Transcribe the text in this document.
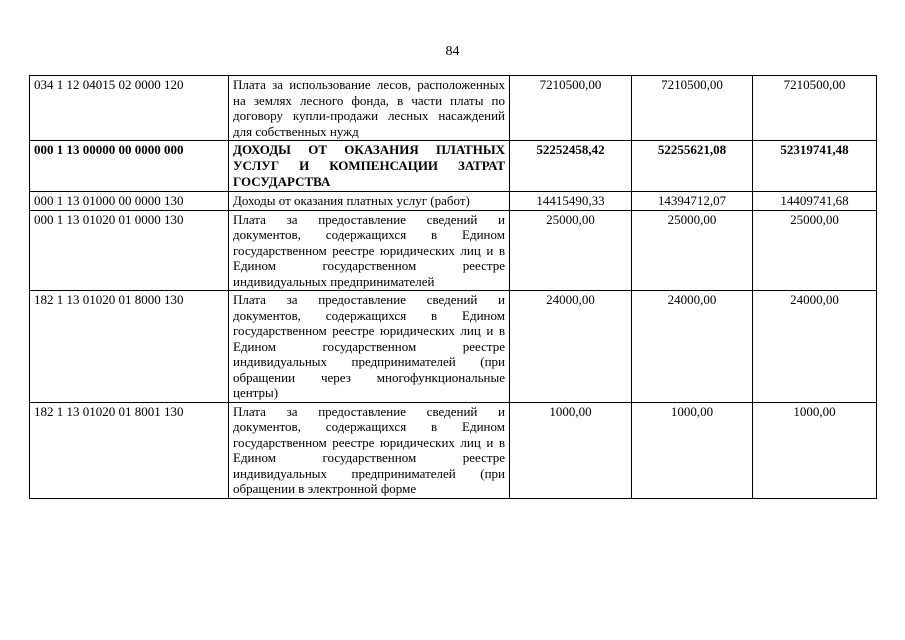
84
034 1 12 04015 02 0000 120	Плата за использование лесов, расположенных на землях лесного фонда, в части платы по договору купли-продажи лесных насаждений для собственных нужд	7210500,00	7210500,00	7210500,00
000 1 13 00000 00 0000 000	ДОХОДЫ ОТ ОКАЗАНИЯ ПЛАТНЫХ УСЛУГ И КОМПЕНСАЦИИ ЗАТРАТ ГОСУДАРСТВА	52252458,42	52255621,08	52319741,48
000 1 13 01000 00 0000 130	Доходы от оказания платных услуг (работ)	14415490,33	14394712,07	14409741,68
000 1 13 01020 01 0000 130	Плата за предоставление сведений и документов, содержащихся в Едином государственном реестре юридических лиц и в Едином государственном реестре индивидуальных предпринимателей	25000,00	25000,00	25000,00
182 1 13 01020 01 8000 130	Плата за предоставление сведений и документов, содержащихся в Едином государственном реестре юридических лиц и в Едином государственном реестре индивидуальных предпринимателей (при обращении через многофункциональные центры)	24000,00	24000,00	24000,00
182 1 13 01020 01 8001 130	Плата за предоставление сведений и документов, содержащихся в Едином государственном реестре юридических лиц и в Едином государственном реестре индивидуальных предпринимателей (при обращении в электронной форме	1000,00	1000,00	1000,00
